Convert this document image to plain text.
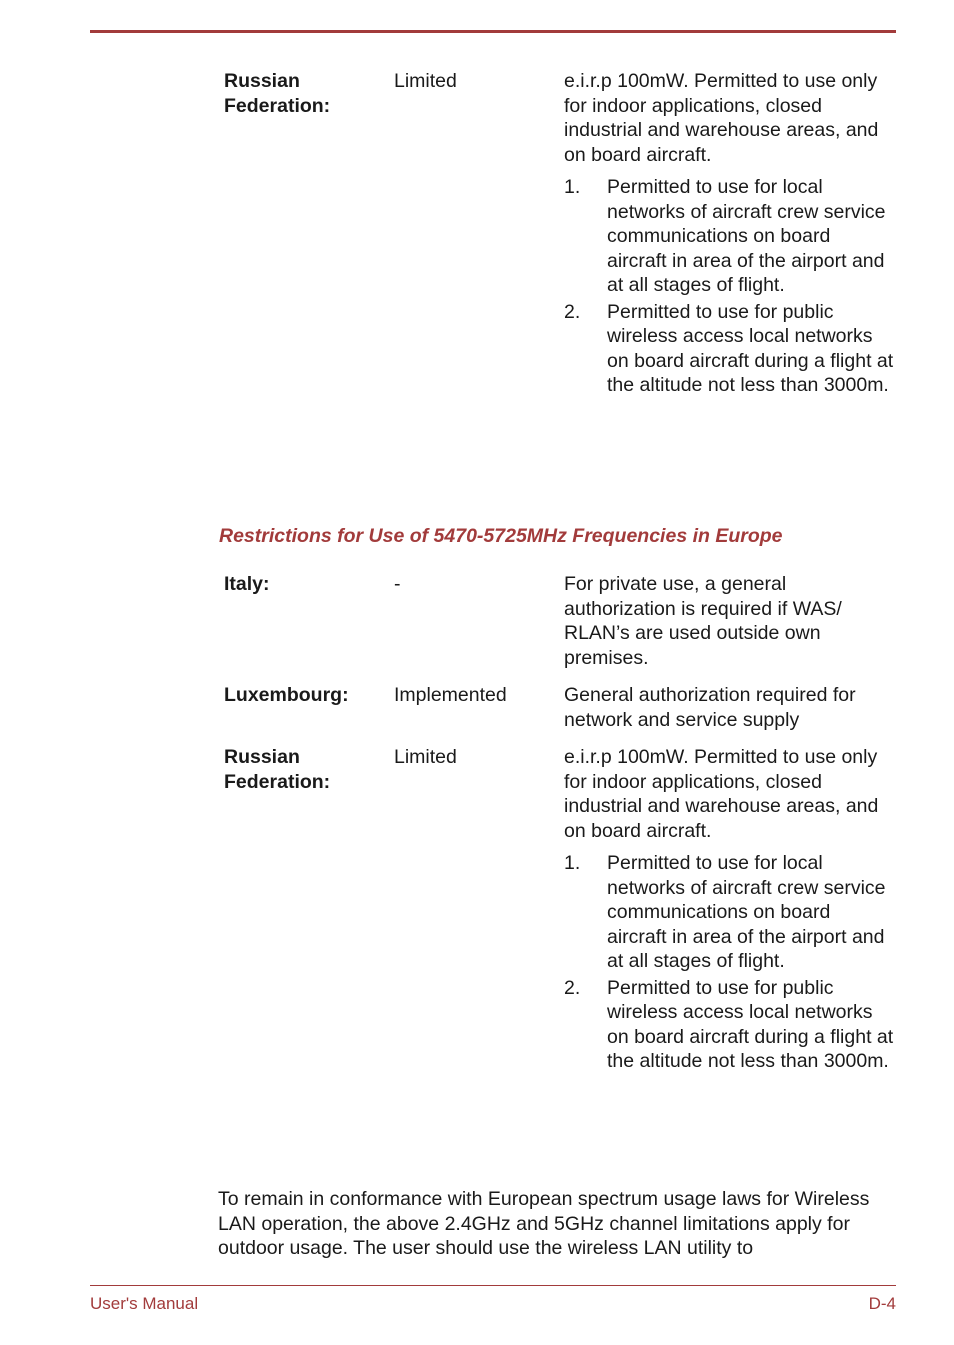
Russian
Federation:
Limited	e.i.r.p 100mW. Permitted to use only for indoor applications, closed industrial and warehouse areas, and on board aircraft.

1. Permitted to use for local networks of aircraft crew service communications on board aircraft in area of the airport and at all stages of flight.
2. Permitted to use for public wireless access local networks on board aircraft during a flight at the altitude not less than 3000m.
Restrictions for Use of 5470-5725MHz Frequencies in Europe
Italy:	-	For private use, a general authorization is required if WAS/ RLAN’s are used outside own premises.

Luxembourg:	Implemented	General authorization required for network and service supply

Russian
Federation:
Limited	e.i.r.p 100mW. Permitted to use only for indoor applications, closed industrial and warehouse areas, and on board aircraft.

1. Permitted to use for local networks of aircraft crew service communications on board aircraft in area of the airport and at all stages of flight.
2. Permitted to use for public wireless access local networks on board aircraft during a flight at the altitude not less than 3000m.

To remain in conformance with European spectrum usage laws for Wireless LAN operation, the above 2.4GHz and 5GHz channel limitations apply for outdoor usage. The user should use the wireless LAN utility to

User's Manual	D-4
